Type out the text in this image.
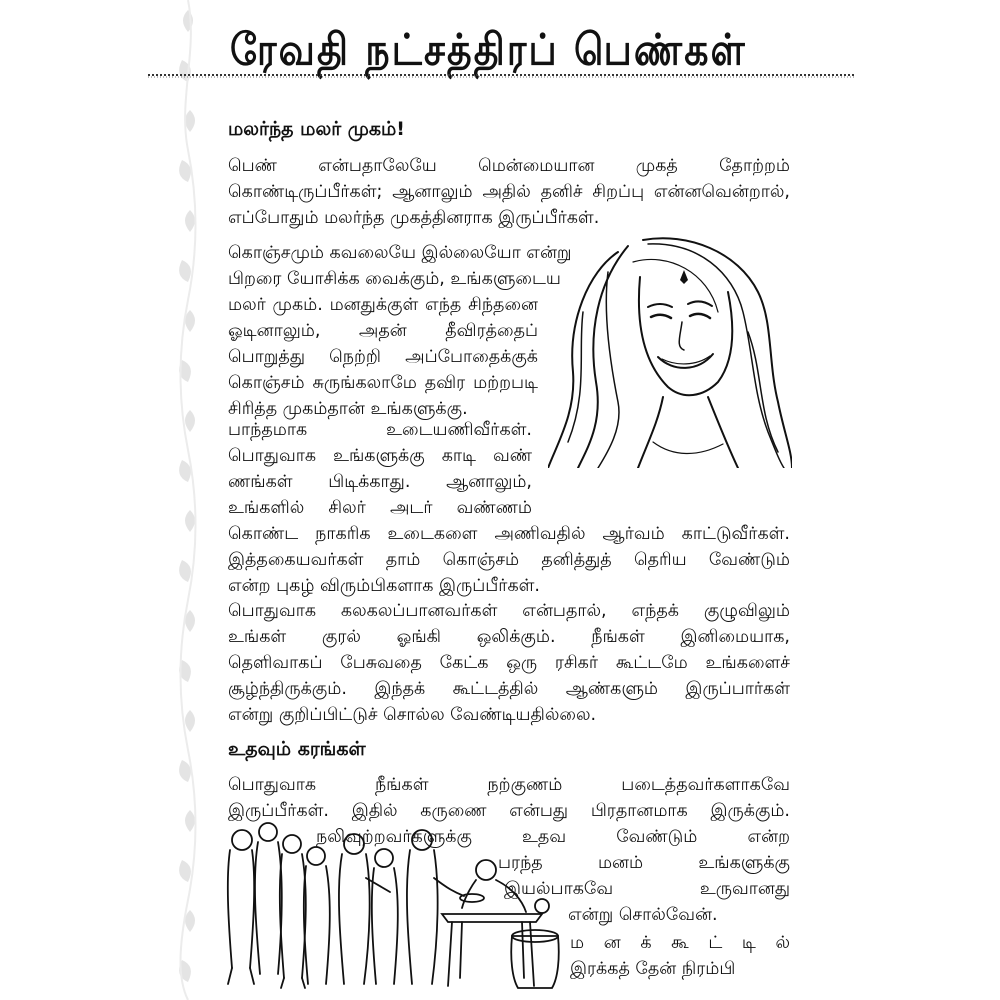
ரேவதி நட்சத்திரப் பெண்கள்
மலர்ந்த மலர் முகம்!
பெண் என்பதாலேயே மென்மையான முகத் தோற்றம்
கொண்டிருப்பீர்கள்; ஆனாலும் அதில் தனிச் சிறப்பு என்னவென்றால்,
எப்போதும் மலர்ந்த முகத்தினராக இருப்பீர்கள்.
கொஞ்சமும் கவலையே இல்லையோ என்று
பிறரை யோசிக்க வைக்கும், உங்களுடைய
மலர் முகம். மனதுக்குள் எந்த சிந்தனை
ஓடினாலும், அதன் தீவிரத்தைப்
பொறுத்து நெற்றி அப்போதைக்குக்
கொஞ்சம் சுருங்கலாமே தவிர மற்றபடி
சிரித்த முகம்தான் உங்களுக்கு.
பாந்தமாக உடையணிவீர்கள்.
பொதுவாக உங்களுக்கு காடி வண்
ணங்கள் பிடிக்காது. ஆனாலும்,
உங்களில் சிலர் அடர் வண்ணம்
கொண்ட நாகரிக உடைகளை அணிவதில் ஆர்வம் காட்டுவீர்கள்.
இத்தகையவர்கள் தாம் கொஞ்சம் தனித்துத் தெரிய வேண்டும்
என்ற புகழ் விரும்பிகளாக இருப்பீர்கள்.
பொதுவாக கலகலப்பானவர்கள் என்பதால், எந்தக் குழுவிலும்
உங்கள் குரல் ஓங்கி ஒலிக்கும். நீங்கள் இனிமையாக,
தெளிவாகப் பேசுவதை கேட்க ஒரு ரசிகர் கூட்டமே உங்களைச்
சூழ்ந்திருக்கும். இந்தக் கூட்டத்தில் ஆண்களும் இருப்பார்கள்
என்று குறிப்பிட்டுச் சொல்ல வேண்டியதில்லை.
உதவும் கரங்கள்
பொதுவாக நீங்கள் நற்குணம் படைத்தவர்களாகவே
இருப்பீர்கள். இதில் கருணை என்பது பிரதானமாக இருக்கும்.
நலிவுற்றவர்களுக்கு உதவ வேண்டும் என்ற
பரந்த மனம் உங்களுக்கு
இயல்பாகவே உருவானது
என்று சொல்வேன்.
ம ன க் கூ ட் டி ல்
இரக்கத் தேன் நிரம்பி
